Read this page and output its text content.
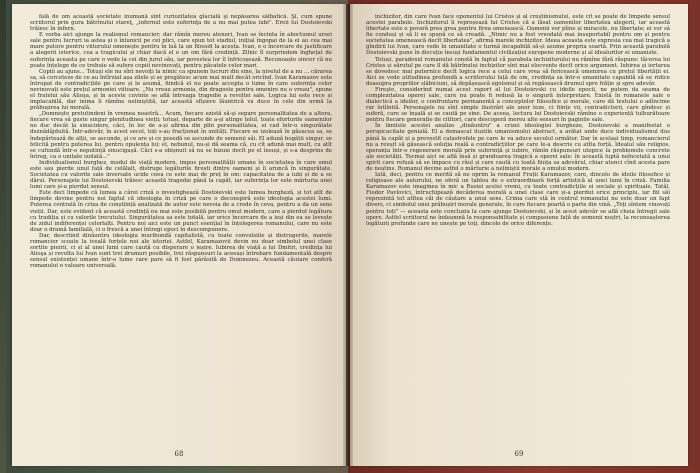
fală de om această societate inumană sînt curiozitatea glacială şi nepăsarea sălbatică. Şi, cum spune scriitorul prin gura bătrînului stareţ, „infernul este suferinţa de a nu mai putea iubi". Ereii lui Dostoievski trăiesc în infern.

E vorba aici ajunge la realismul romancier; dar rămîn mereu ateneri, Ivan se încinta în aboctumul ursei sale pentru lucruri ia astea și o înlunicii pe cei plici, care spun tot stadiul, inițial îngopai de la ei au cea mai mare putere pentru viitorului omenește pentru în luă la un filosofi la aceșta. Ivan, e o încercare de justificare a alegerii istorice, cea a tragicului și chiar dacă el e un om fără credință. Zilnic îl surprindem înghețat de suferința aceasta pe care o vede la cei din jurul său, iar povestea lor îl înfricoșează. Recunoaște sincer că nu poate înțelege de ce trebuie să sufere copiii nevinovați, pentru păcatele celor mari.

Copiii au ajuns... Totuși ele nu sînt nevoiți la nimic ca spunem lucruri din sine, la nivelul de a nu ... cărarea sa, să cerceteze de ce au întîrziat așa zilele și se pregătesc acum mai mult decât oricînd. Ivan Karamazov este întrupat de contradicțiile pe care și le asumă, fiindcă el nu poate accepta o lume în care suferința celor nevinovați este prețul armoniei viitoare. „Nu vreau armonia, din dragoste pentru omenire nu o vreau", spune el fratelui său Alioşa, și în aceste cuvinte se află întreaga tragedie a revoltei sale. Logica lui este rece și implacabilă, dar inima îi rămîne neliniștită, iar această sfîșiere lăuntrică va duce în cele din urmă la prăbușirea lui morală.

„Domnește pretutindeni în vremea noastră... Acum, fiecare ezistă să-și separe personalitatea de a altora, fiecare vrea să guste singur plenitudinea vieții; totuși, departe de a-și atinge țelul, toate eforturile oamenilor nu duc decât la sinucidere, căci, în loc de a-și afirma din plin personalitatea, ei cad într-o singurătate deznădăjduită. Într-adevăr, în acest secol, toți s-au fracționat în unități. Fiecare se izolează în găoacea sa, se îndepărtează de alții, se ascunde, și ce are și ce posedă se ascunde de semenii săi. El adună bogății singur, se felicită pentru puterea lui, pentru opulența lui; el, nebunul, nu-și dă seama că, cu cît adună mai mult, cu atît se cufundă într-o neputință sinucigașă. Căci s-a obișnuit să nu se bizuie decît pe el însuși, și s-a desprins de întreg, ca o unitate izolată..."

Individualismul burghez, modul de viață modern, impus personalității umane în societatea în care omul este sau pierde unul față de celălalt, distruge legăturile firești dintre oameni și îi aruncă în singurătate. Societatea cu valorile sale inversate ucide ceea ce este mai de preț în om: capacitatea de a iubi și de a se dărui. Personajele lui Dostoievski trăiesc această tragedie până la capăt, iar suferința lor este mărturia unei lumi care și-a pierdut sensul.

Este deci limpede că lumea a cărei criză o investighează Dostoievski este lumea burgheză, și tot atît de limpede devine pentru noi faptul că ideologia în criză pe care o deconspiră este ideologia acestei lumi. Puterea centrală în criza de conștiință analizată de autor este nevoia de a crede în ceva, pentru a da un sens vieții. Dar, este evident că această credință nu mai este posibilă pentru omul modern, care a pierdut legătura cu tradiția și cu valorile trecutului. Singurătatea sa este totală, iar orice încercare de a ieși din ea se lovește de zidul indiferenței celorlalți. Pentru noi aici este un punct esențial în înțelegerea romanului, care nu este doar o dramă familială, ci o frescă a unei întregi epoci în descompunere.

Dar, descriind dinăuntru ideologia muribundă capitalistă, cu toate convulsiile și distrugerile, marele romancier scoate la iveală forțele noi ale istoriei. Astfel, Karamazovii devin nu doar simbolul unei clase sortite pieirii, ci și al unei lumi care caută cu disperare o ieșire. Iubirea de viață a lui Dmitri, credința lui Alioşa și revolta lui Ivan sunt trei drumuri posibile, trei răspunsuri la aceeași întrebare fundamentală despre sensul existenței umane într-o lume care pare să fi fost părăsită de Dumnezeu. Această căutare conferă romanului o valoare universală.

68

inchizitor, din care Ivan face oponentul lui Cristos și al creștinismului, este cît se poate de limpede sensul acestei parabole. Inchizitorul îi reproșează lui Cristos că a lăsat oamenilor libertatea alegerii, iar această libertate este o povară prea grea pentru firea omenească. Oamenii vor pîine și miracole, nu libertate; ei vor să fie conduși și să li se spună ce să creadă. „Nimic nu a fost vreodată mai insuportabil pentru om și pentru societatea omenească decît libertatea", afirmă marele inchizitor. Ideea aceasta este expresia cea mai tragică a gîndirii lui Ivan, care vede în umanitate o turmă incapabilă să-și asume propria soartă. Prin această parabolă Dostoievski pune în discuție însuși fundamentul civilizației europene moderne și al idealurilor ei umaniste.

Totuși, paradoxul romanului constă în faptul că parabola inchizitorului nu rămîne fără răspuns: tăcerea lui Cristos și sărutul pe care îl dă bătrînului inchizitor sînt mai elocvente decît orice argument. Iubirea și iertarea se dovedesc mai puternice decît logica rece a celui care vrea să fericească omenirea cu prețul libertății ei. Aici se vede atitudinea profundă a scriitorului față de om, credința sa într-o umanitate capabilă să se ridice deasupra propriilor slăbiciuni, să depășească egoismul și să regăsească drumul spre frăție și spre adevăr.

Fireşte, considerînd numai acest raport al lui Dostoievski cu ideile epocii, ne putem da seama de complexitatea operei sale, care nu poate fi redusă la o singură interpretare. Există în romanele sale o dialectică a ideilor, o confruntare permanentă a conceptelor filosofice și morale, care dă textului o adîncime rar întîlnită. Personajele nu sînt simple ilustrări ale unor teze, ci ființe vii, contradictorii, care gîndesc și suferă, care se înșală și se caută pe sine. De aceea, lectura lui Dostoievski rămîne o experiență tulburătoare pentru fiecare generație de cititori, care descoperă mereu alte sensuri în paginile sale.

În limitele acestei analize „dinăuntru" a crizei ideologiei burgheze, Dostoievski a manifestat o perspicacitate genială. El a demascat iluziile umanismului abstract, a arătat unde duce individualismul dus până la capăt și a prevestit catastrofele pe care le va aduce secolul următor. Dar în același timp, romancierul nu a reușit să găsească soluția reală a contradicțiilor pe care le-a descris cu atîta forță. Idealul său religios, speranța într-o regenerare morală prin suferință și iubire, rămîn răspunsuri utopice la problemele concrete ale societății. Tocmai aici se află însă și grandoarea tragică a operei sale: în această luptă neîncetată a unui spirit care refuză să se împace cu răul și care caută cu toată ființa sa adevărul, chiar atunci cînd acesta pare de neatins. Romanul devine astfel o mărturie a neliniștii morale a omului modern.

Iată, deci, pentru ce merită să ne oprim la romanul Frații Karamazov, care, dincolo de ideile filosofice și religioase ale autorului, ne oferă un tablou de o extraordinară forță artistică al unei lumi în criză. Familia Karamazov este imaginea în mic a Rusiei acelei vremi, cu toate contradicțiile ei sociale și spirituale. Tatăl, Fiodor Pavlovici, întruchipează decăderea morală a unei clase care și-a pierdut orice principiu, iar fiii săi reprezintă tot atîtea căi de căutare a unui sens. Crima care stă în centrul romanului nu este doar un fapt divers, ci simbolul unei prăbușiri morale generale, în care fiecare poartă o parte din vină. „Toți sîntem vinovați pentru toți" — aceasta este concluzia la care ajunge Dostoievski, și în acest adevăr se află cheia întregii sale opere. Astfel scriitorul ne îndeamnă la responsabilitate și compasiune față de semenii noștri, la recunoașterea legăturii profunde care ne unește pe toți, dincolo de orice diferențe.

69
